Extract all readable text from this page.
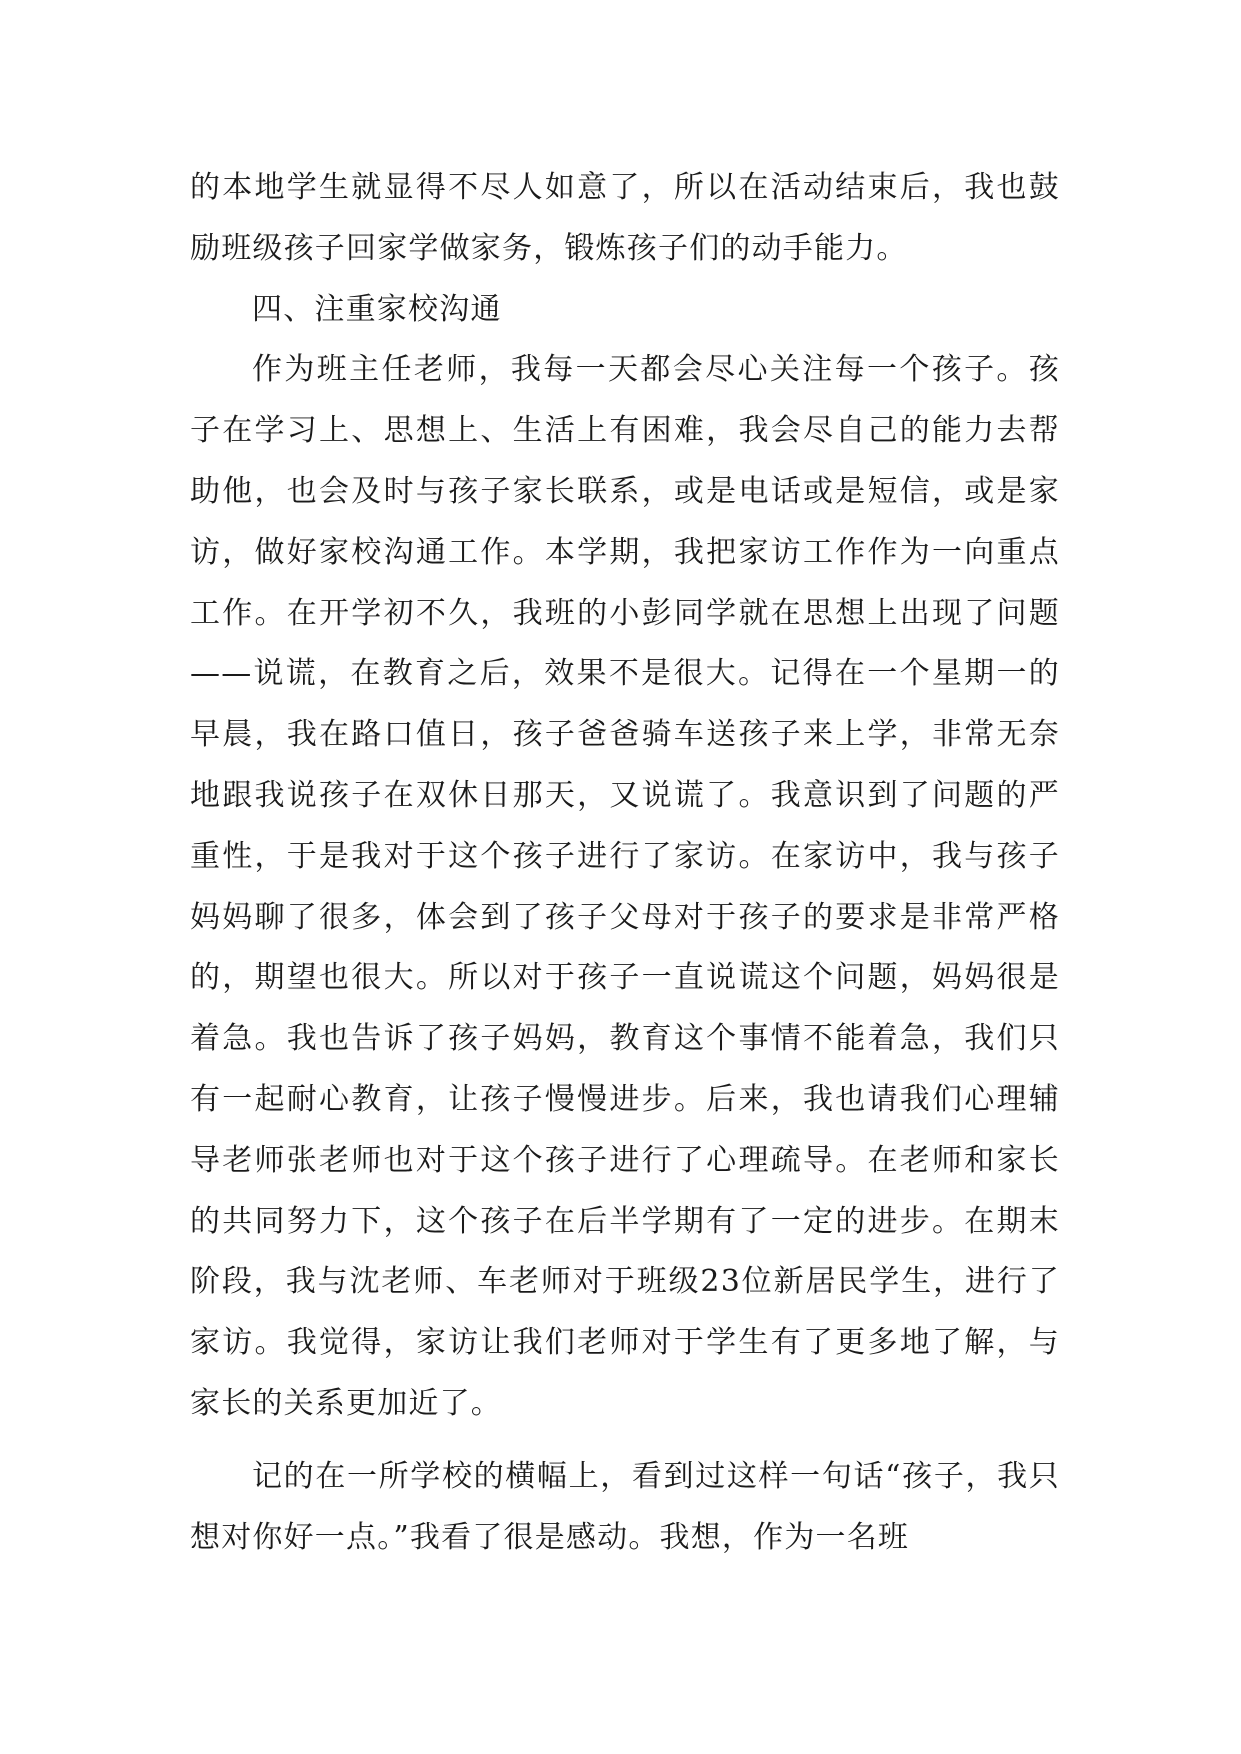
的本地学生就显得不尽人如意了，所以在活动结束后，我也鼓励班级孩子回家学做家务，锻炼孩子们的动手能力。

四、注重家校沟通

作为班主任老师，我每一天都会尽心关注每一个孩子。孩子在学习上、思想上、生活上有困难，我会尽自己的能力去帮助他，也会及时与孩子家长联系，或是电话或是短信，或是家访，做好家校沟通工作。本学期，我把家访工作作为一向重点工作。在开学初不久，我班的小彭同学就在思想上出现了问题——说谎，在教育之后，效果不是很大。记得在一个星期一的早晨，我在路口值日，孩子爸爸骑车送孩子来上学，非常无奈地跟我说孩子在双休日那天，又说谎了。我意识到了问题的严重性，于是我对于这个孩子进行了家访。在家访中，我与孩子妈妈聊了很多，体会到了孩子父母对于孩子的要求是非常严格的，期望也很大。所以对于孩子一直说谎这个问题，妈妈很是着急。我也告诉了孩子妈妈，教育这个事情不能着急，我们只有一起耐心教育，让孩子慢慢进步。后来，我也请我们心理辅导老师张老师也对于这个孩子进行了心理疏导。在老师和家长的共同努力下，这个孩子在后半学期有了一定的进步。在期末阶段，我与沈老师、车老师对于班级23位新居民学生，进行了家访。我觉得，家访让我们老师对于学生有了更多地了解，与家长的关系更加近了。

记的在一所学校的横幅上，看到过这样一句话“孩子，我只想对你好一点。”我看了很是感动。我想，作为一名班
